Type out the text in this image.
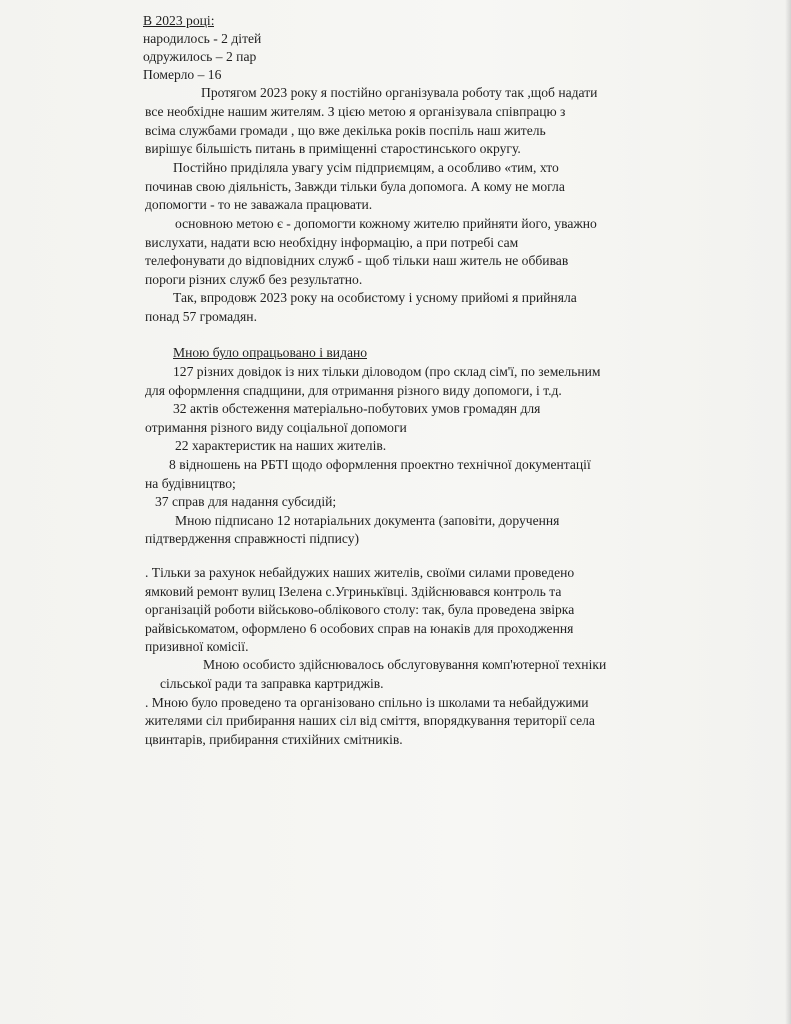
В 2023 році:
народилось - 2 дітей
одружилось – 2 пар
Померло – 16
Протягом 2023 року я постійно організувала роботу так ,щоб надати
все необхідне нашим жителям. З цією метою я організувала співпрацю з
всіма службами громади , що вже декілька років поспіль наш житель
вирішує більшість питань в приміщенні старостинського округу.
Постійно приділяла увагу усім підприємцям, а особливо «тим, хто
починав свою діяльність, Завжди тільки була допомога. А кому не могла
допомогти - то не заважала працювати.
основною метою є - допомогти кожному жителю прийняти його, уважно
вислухати, надати всю необхідну інформацію, а при потребі сам
телефонувати до відповідних служб - щоб тільки наш житель не оббивав
пороги різних служб без результатно.
Так, впродовж 2023 року на особистому і усному прийомі я прийняла
понад 57 громадян.
Мною було опрацьовано і видано
127 різних довідок із них тільки діловодом (про склад сім'ї, по земельним
для оформлення спадщини, для отримання різного виду допомоги, і т.д.
32 актів обстеження матеріально-побутових умов громадян для
отримання різного виду соціальної допомоги
22 характеристик на наших жителів.
8 відношень на РБТІ щодо оформлення проектно технічної документації
на будівництво;
37 справ для надання субсидій;
Мною підписано 12 нотаріальних документа (заповіти, доручення
підтвердження справжності підпису)
. Тільки за рахунок небайдужих наших жителів, своїми силами проведено
ямковий ремонт вулиц ІЗелена с.Угринькївці. Здійснювався контроль та
організацій роботи військово-облікового столу: так, була проведена звірка
райвіськоматом, оформлено 6 особових справ на юнаків для проходження
призивної комісії.
Мною особисто здійснювалось обслуговування комп'ютерної техніки
сільської ради та заправка картриджів.
. Мною було проведено та організовано спільно із школами та небайдужими
жителями сіл прибирання наших сіл від сміття, впорядкування території села
цвинтарів, прибирання стихійних смітників.
